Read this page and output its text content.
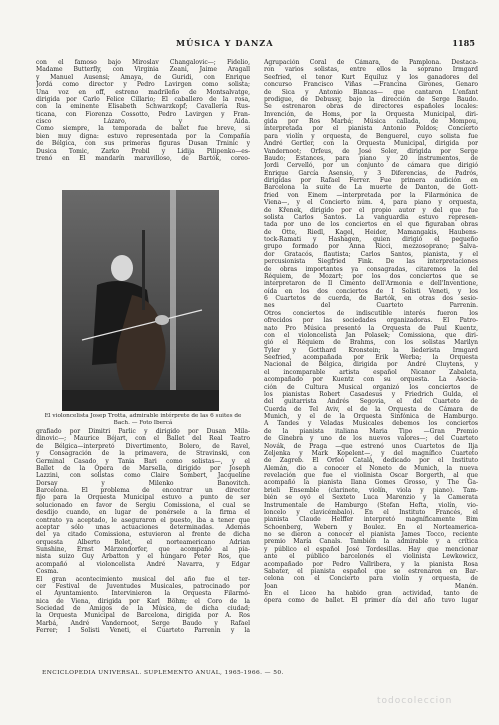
MÚSICA Y DANZA	1185
con el famoso bajo Miroslav Changalovic—; Fidelio,
Madame Butterfly, con Virginia Zeani, Jaime Aragall
y Manuel Ausensi; Amaya, de Guridi, con Enrique
Jordá como director y Pedro Lavirgen como solista;
Una voz en off, estreno madrileño de Montsalvatge,
dirigida por Carlo Felice Cillario; El caballero de la rosa,
con la eminente Elisabeth Schwarzkopf; Cavallería Rus-
ticana, con Fiorenza Cossotto, Pedro Lavirgen y Fran-
cisco Lázaro, y Aida.
Como siempre, la temporada de ballet fue breve, si
bien muy digna: estuvo representada por la Compañía
de Bélgica, con sus primeras figuras Dusan Trninic y
Dusica Tomic, Zarko Prebil y Lidija Pilipenko—es-
trenó en El mandarín maravilloso, de Bartók, coreo-
El violoncelista Josep Trotta, admirable intérprete de las 6 suites de Bach. — Foto Ibercá
grafiado por Dimitri Parlic y dirigido por Dusan Mila-
dinovic—; Maurice Béjart, con el Ballet del Real Teatro
de Bélgica—interpretó Divertimento, Bolero, de Ravel,
y Consagración de la primavera, de Stravinski, con
Germinal Casado y Tania Bari como solistas—, y el
Ballet de la Ópera de Marsella, dirigido por Joseph
Lazzini, con solistas como Claire Sombert, Jacqueline
Dorsay y Milenko Banovitch.
Barcelona. El problema de encontrar un director
fijo para la Orquesta Municipal estuvo a punto de ser
solucionado en favor de Sergiu Comissiona, el cual se
desdijo cuando, en lugar de ponérsele a la firma el
contrato ya aceptado, le aseguraron el puesto, iba a tener que
aceptar sólo unas actuaciones determinadas. Además
del ya citado Comissiona, estuvieron al frente de dicha
orquesta Alberto Bolet, el norteamericano Adrian
Sunshine, Ernst Märzendorfer, que acompañó al pia-
nista suizo Guy Arbatton y el húngaro Peter Ros, que
acompañó al violoncelista André Navarra, y Edgar
Cosma.
El gran acontecimiento musical del año fue el ter-
cer Festival de Juventudes Musicales, patrocinado por
el Ayuntamiento. Intervinieron la Orquesta Filarmó-
nica de Viena, dirigida por Karl Böhm; el Coro de la
Sociedad de Amigos de la Música, de dicha ciudad;
la Orquesta Municipal de Barcelona, dirigida por A. Ros
Marbá, André Vandernoot, Serge Baudo y Rafael
Ferrer; I Solisti Veneti, el Cuarteto Parrenin y la
Agrupación Coral de Cámara, de Pamplona. Destaca-
ron varios solistas, entre ellos la soprano Irmgard
Seefried, el tenor Kurt Equiluz y los ganadores del
concurso Francisco Viñas —Francina Girones, Genaro
de Sica y Antonio Blancas— que cantaron L'enfant
prodigue, de Debussy, bajo la dirección de Serge Baudo.
Se estrenaron obras de directores españoles locales:
Invención, de Homs, por la Orquesta Municipal, diri-
gida por Ros Marbá; Música callada, de Mompou,
interpretada por el pianista Antonio Poldos; Concierto
para violín y orquesta, de Benguerel, cuyo solista fue
André Gertler, con la Orquesta Municipal, dirigida por
Vandernoot; Orfeus, de José Soler, dirigida por Serge
Baudo; Estances, para piano y 20 instrumentos, de
Jordi Cervelló, por un conjunto de cámara que dirigió
Enrique García Asensio, y 3 Diferencias, de Padrós,
dirigidas por Rafael Ferrer. Fue primera audición en
Barcelona la suite de La muerte de Danton, de Gott-
fried von Einem —interpretada por la Filarmónica de
Viena—, y el Concierto núm. 4, para piano y orquesta,
de Křenek, dirigido por el propio autor y del que fue
solista Carlos Santos. La vanguardia estuvo represen-
tada por uno de los conciertos en el que figuraban obras
de Otte, Riedl, Kagel, Heider, Mamangakis, Haubens-
tock-Ramati y Hashagen, quien dirigió el pequeño
grupo formado por Anna Ricci, mezzosoprano; Salva-
dor Gratacós, flautista; Carlos Santos, pianista, y el
percusionista Siegfried Fink. De las interpretaciones
de obras importantes ya consagradas, citaremos la del
Réquiem, de Mozart; por los dos conciertos que se
interpretaron de Il Cimento dell'Armonia e dell'Inventione,
oída en los dos conciertos de I Solisti Veneti, y los
6 Cuartetos de cuerda, de Bartók, en otras dos sesio-
nes del Cuarteto Parrenin.
Otros conciertos de indiscutible interés fueron los
ofrecidos por las sociedades organizadoras. El Patro-
nato Pro Música presentó la Orquesta de Paul Kuentz,
con el violoncelista Jan Polasek; Comissiona, que diri-
gió el Réquiem de Brahms, con los solistas Marilyn
Tyler y Gotthard Kronstein; la liederista Irmgard
Seefried, acompañada por Erik Werba; la Orquesta
Nacional de Bélgica, dirigida por André Cluytens, y
el incomparable artista español Nicanor Zabaleta,
acompañado por Kuentz con su orquesta. La Asocia-
ción de Cultura Musical organizó los conciertos de
los pianistas Robert Casadesus y Friedrich Gulda, el
del guitarrista Andrés Segovia, el del Cuarteto de
Cuerda de Tel Aviv, el de la Orquesta de Cámara de
Munich, y el de la Orquesta Sinfónica de Hamburgo.
A Tandes y Veladas Musicales debemos los conciertos
de la pianista italiana Maria Tipo —Gran Premio
de Ginebra y uno de los nuevos valores—; del Cuarteto
Novák, de Praga —que estrenó unos Cuartetos de Ilja
Zeljenka y Mark Kopelent—, y del magnífico Cuarteto
de Zagreb. El Orfeó Català, dedicado por el Instituto
Alemán, dio a conocer el Noneto de Munich, la nueva
revelación que fue el violinista Oscar Borgerth, al que
acompañó la pianista Ilana Gomes Grosso, y The Ga-
brieli Ensemble (clarinete, violín, viola y piano). Tam-
bién se oyó el Sexteto Luca Marenzio y la Camerata
Instrumentale de Hamburgo (Stefan Hefta, violín, vio-
loncelo y clavicémbalo). En el Instituto Francés, el
pianista Claude Helffer interpretó magníficamente Bim
Schoenberg, Webern y Boulez. En el Norteamerica-
no se dieron a conocer el pianista James Tocco, reciente
premio María Canals. También la admirable y a crítica
y público el español José Tordesillas. Hay que mencionar
ante el público barcelonés el violinista Lewkowicz,
acompañado por Pedro Vallribera, y la pianista Rosa
Sabater, el pianista español que se estrenaron en Bar-
celona con el Concierto para violín y orquesta, de
Joan Manén.
En el Liceo ha habido gran actividad, tanto de
ópera como de ballet. El primer día del año tuvo lugar
ENCICLOPEDIA UNIVERSAL. SUPLEMENTO ANUAL, 1965-1966. — 50.
todocoleccion
